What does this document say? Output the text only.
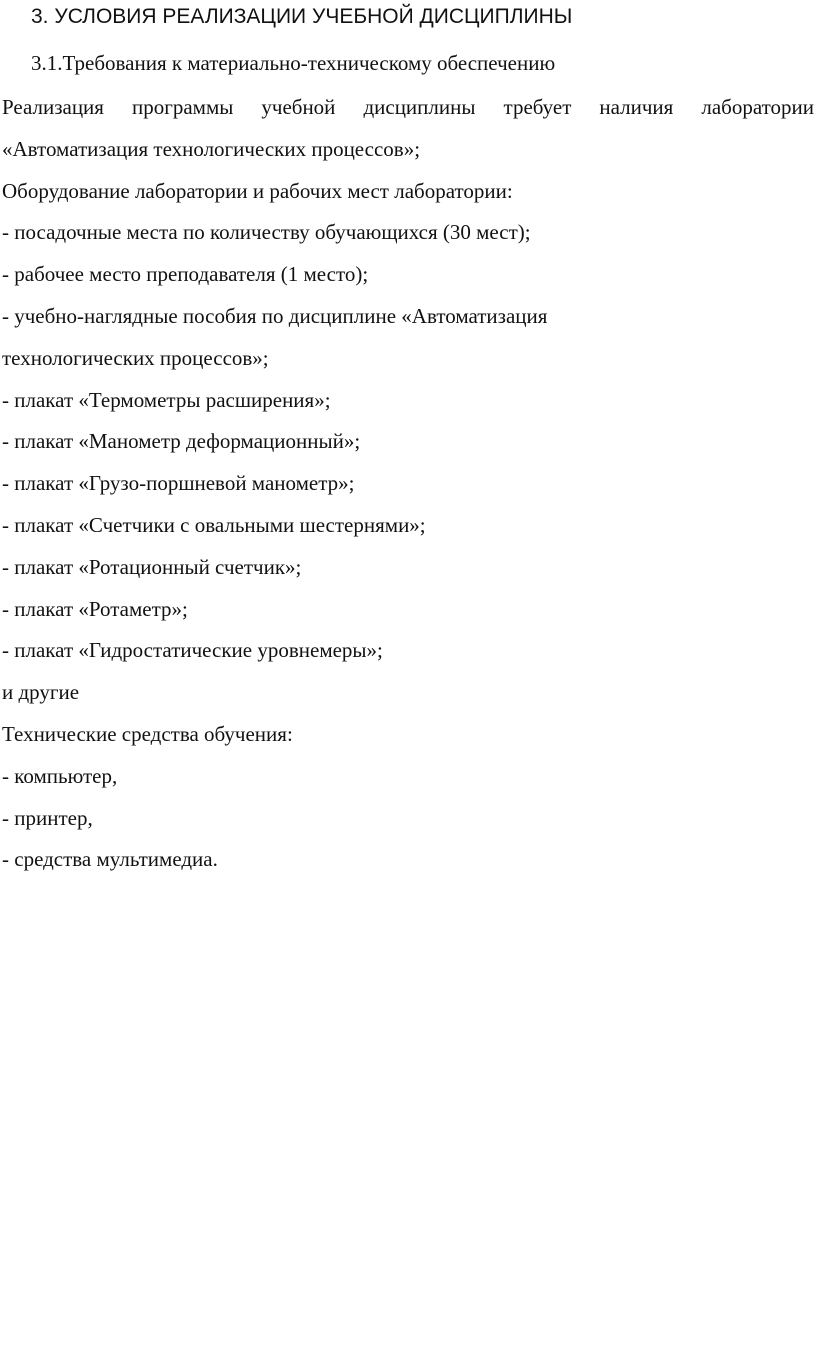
3. УСЛОВИЯ РЕАЛИЗАЦИИ УЧЕБНОЙ ДИСЦИПЛИНЫ
3.1.Требования к материально-техническому обеспечению
Реализация программы учебной дисциплины требует наличия лаборатории
«Автоматизация технологических процессов»;
Оборудование лаборатории и рабочих мест лаборатории:
- посадочные места по количеству обучающихся (30 мест);
- рабочее место преподавателя (1 место);
- учебно-наглядные пособия по дисциплине «Автоматизация
технологических процессов»;
- плакат «Термометры расширения»;
- плакат «Манометр деформационный»;
- плакат «Грузо-поршневой манометр»;
- плакат «Счетчики с овальными шестернями»;
- плакат «Ротационный счетчик»;
- плакат «Ротаметр»;
- плакат «Гидростатические уровнемеры»;
и другие
Технические средства обучения:
- компьютер,
- принтер,
- средства мультимедиа.
